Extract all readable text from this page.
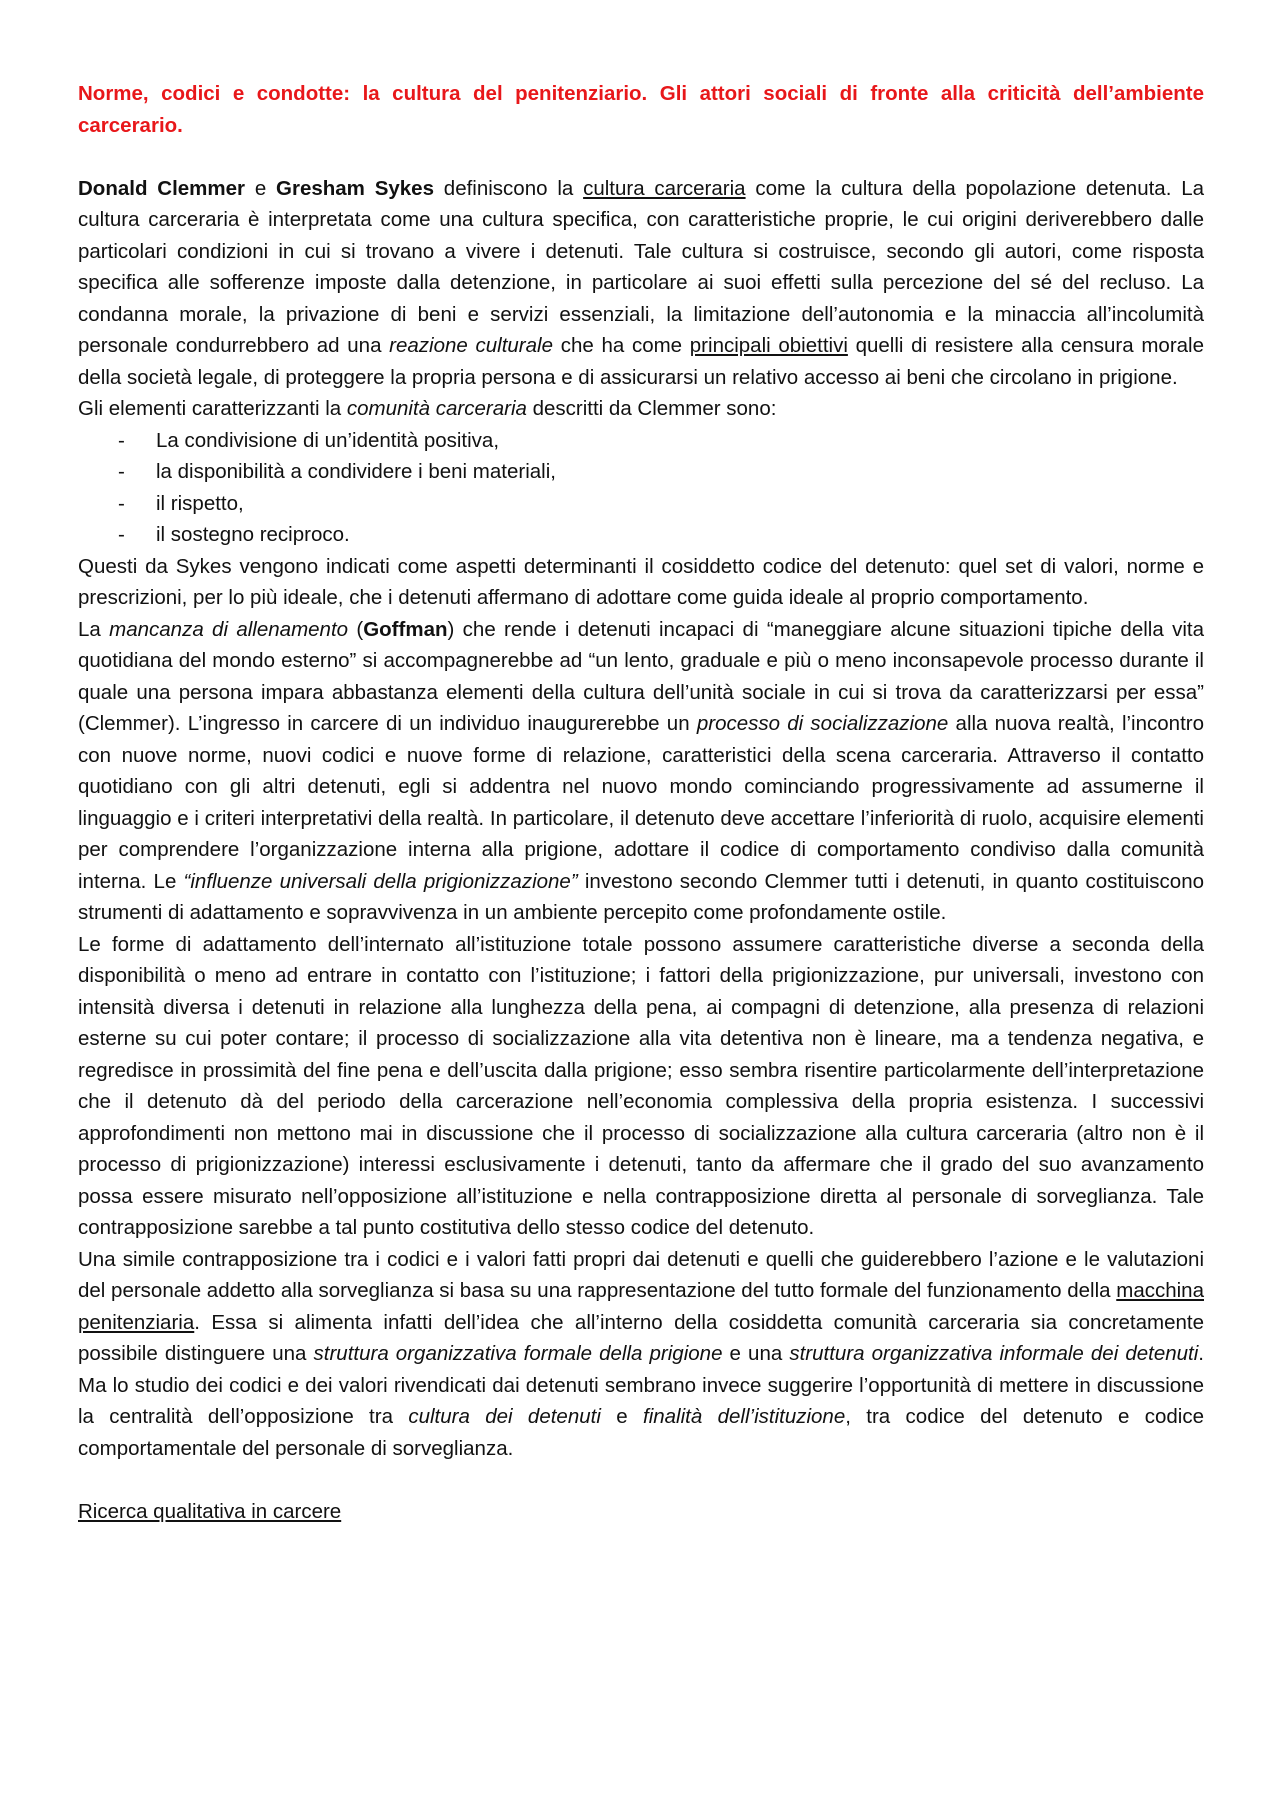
Norme, codici e condotte: la cultura del penitenziario. Gli attori sociali di fronte alla criticità dell’ambiente carcerario.

Donald Clemmer e Gresham Sykes definiscono la cultura carceraria come la cultura della popolazione detenuta. La cultura carceraria è interpretata come una cultura specifica, con caratteristiche proprie, le cui origini deriverebbero dalle particolari condizioni in cui si trovano a vivere i detenuti. Tale cultura si costruisce, secondo gli autori, come risposta specifica alle sofferenze imposte dalla detenzione, in particolare ai suoi effetti sulla percezione del sé del recluso. La condanna morale, la privazione di beni e servizi essenziali, la limitazione dell’autonomia e la minaccia all’incolumità personale condurrebbero ad una reazione culturale che ha come principali obiettivi quelli di resistere alla censura morale della società legale, di proteggere la propria persona e di assicurarsi un relativo accesso ai beni che circolano in prigione.

Gli elementi caratterizzanti la comunità carceraria descritti da Clemmer sono:

- La condivisione di un’identità positiva,
- la disponibilità a condividere i beni materiali,
- il rispetto,
- il sostegno reciproco.

Questi da Sykes vengono indicati come aspetti determinanti il cosiddetto codice del detenuto: quel set di valori, norme e prescrizioni, per lo più ideale, che i detenuti affermano di adottare come guida ideale al proprio comportamento.

La mancanza di allenamento (Goffman) che rende i detenuti incapaci di “maneggiare alcune situazioni tipiche della vita quotidiana del mondo esterno” si accompagnerebbe ad “un lento, graduale e più o meno inconsapevole processo durante il quale una persona impara abbastanza elementi della cultura dell’unità sociale in cui si trova da caratterizzarsi per essa” (Clemmer). L’ingresso in carcere di un individuo inaugurerebbe un processo di socializzazione alla nuova realtà, l’incontro con nuove norme, nuovi codici e nuove forme di relazione, caratteristici della scena carceraria. Attraverso il contatto quotidiano con gli altri detenuti, egli si addentra nel nuovo mondo cominciando progressivamente ad assumerne il linguaggio e i criteri interpretativi della realtà. In particolare, il detenuto deve accettare l’inferiorità di ruolo, acquisire elementi per comprendere l’organizzazione interna alla prigione, adottare il codice di comportamento condiviso dalla comunità interna. Le “influenze universali della prigionizzazione” investono secondo Clemmer tutti i detenuti, in quanto costituiscono strumenti di adattamento e sopravvivenza in un ambiente percepito come profondamente ostile.

Le forme di adattamento dell’internato all’istituzione totale possono assumere caratteristiche diverse a seconda della disponibilità o meno ad entrare in contatto con l’istituzione; i fattori della prigionizzazione, pur universali, investono con intensità diversa i detenuti in relazione alla lunghezza della pena, ai compagni di detenzione, alla presenza di relazioni esterne su cui poter contare; il processo di socializzazione alla vita detentiva non è lineare, ma a tendenza negativa, e regredisce in prossimità del fine pena e dell’uscita dalla prigione; esso sembra risentire particolarmente dell’interpretazione che il detenuto dà del periodo della carcerazione nell’economia complessiva della propria esistenza. I successivi approfondimenti non mettono mai in discussione che il processo di socializzazione alla cultura carceraria (altro non è il processo di prigionizzazione) interessi esclusivamente i detenuti, tanto da affermare che il grado del suo avanzamento possa essere misurato nell’opposizione all’istituzione e nella contrapposizione diretta al personale di sorveglianza. Tale contrapposizione sarebbe a tal punto costitutiva dello stesso codice del detenuto.

Una simile contrapposizione tra i codici e i valori fatti propri dai detenuti e quelli che guiderebbero l’azione e le valutazioni del personale addetto alla sorveglianza si basa su una rappresentazione del tutto formale del funzionamento della macchina penitenziaria. Essa si alimenta infatti dell’idea che all’interno della cosiddetta comunità carceraria sia concretamente possibile distinguere una struttura organizzativa formale della prigione e una struttura organizzativa informale dei detenuti. Ma lo studio dei codici e dei valori rivendicati dai detenuti sembrano invece suggerire l’opportunità di mettere in discussione la centralità dell’opposizione tra cultura dei detenuti e finalità dell’istituzione, tra codice del detenuto e codice comportamentale del personale di sorveglianza.

Ricerca qualitativa in carcere
